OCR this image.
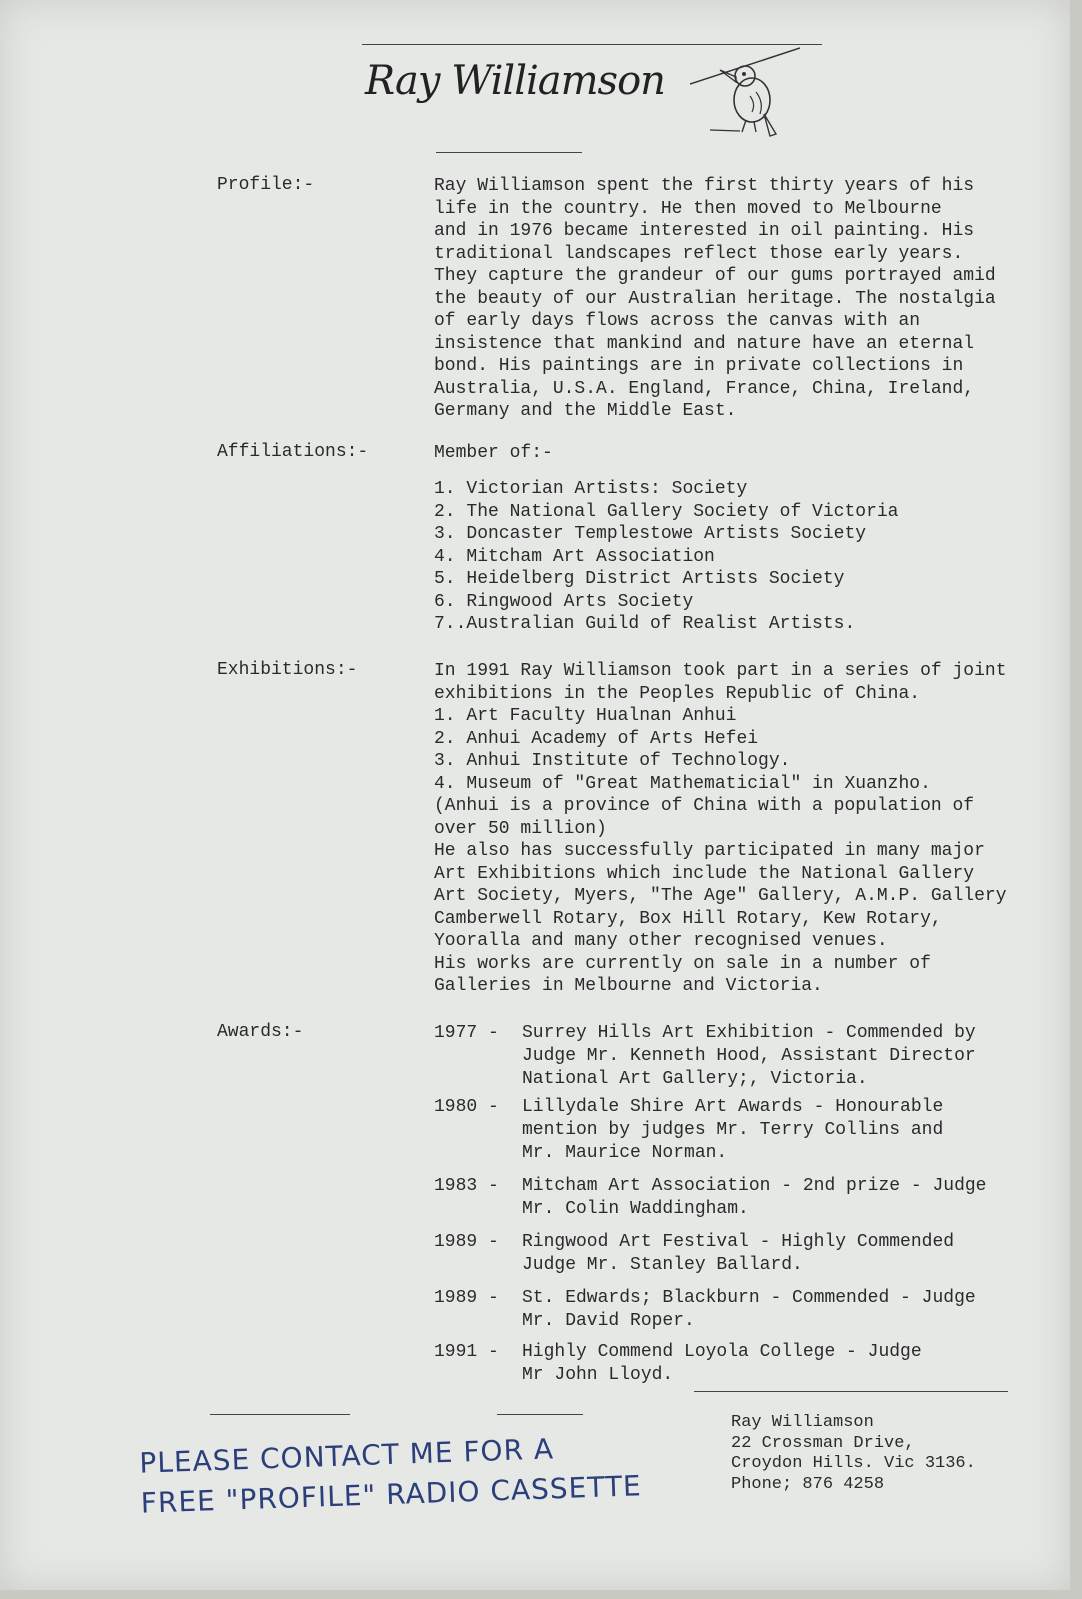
Ray Williamson
Profile:-	Ray Williamson spent the first thirty years of his
life in the country. He then moved to Melbourne
and in 1976 became interested in oil painting. His
traditional landscapes reflect those early years.
They capture the grandeur of our gums portrayed amid
the beauty of our Australian heritage. The nostalgia
of early days flows across the canvas with an
insistence that mankind and nature have an eternal
bond. His paintings are in private collections in
Australia, U.S.A. England, France, China, Ireland,
Germany and the Middle East.
Affiliations:-	Member of:-
1. Victorian Artists: Society
2. The National Gallery Society of Victoria
3. Doncaster Templestowe Artists Society
4. Mitcham Art Association
5. Heidelberg District Artists Society
6. Ringwood Arts Society
7..Australian Guild of Realist Artists.
Exhibitions:-	In 1991 Ray Williamson took part in a series of joint
exhibitions in the Peoples Republic of China.
1. Art Faculty Hualnan Anhui
2. Anhui Academy of Arts Hefei
3. Anhui Institute of Technology.
4. Museum of "Great Mathematicial" in Xuanzho.
(Anhui is a province of China with a population of
over 50 million)
He also has successfully participated in many major
Art Exhibitions which include the National Gallery
Art Society, Myers, "The Age" Gallery, A.M.P. Gallery
Camberwell Rotary, Box Hill Rotary, Kew Rotary,
Yooralla and many other recognised venues.
His works are currently on sale in a number of
Galleries in Melbourne and Victoria.
Awards:-	1977 - Surrey Hills Art Exhibition - Commended by
Judge Mr. Kenneth Hood, Assistant Director
National Art Gallery;, Victoria.
1980 - Lillydale Shire Art Awards - Honourable
mention by judges Mr. Terry Collins and
Mr. Maurice Norman.
1983 - Mitcham Art Association - 2nd prize - Judge
Mr. Colin Waddingham.
1989 - Ringwood Art Festival - Highly Commended
Judge Mr. Stanley Ballard.
1989 - St. Edwards; Blackburn - Commended - Judge
Mr. David Roper.
1991 - Highly Commend Loyola College - Judge
Mr John Lloyd.
Ray Williamson
22 Crossman Drive,
Croydon Hills. Vic 3136.
Phone; 876 4258
PLEASE CONTACT ME FOR A
FREE "PROFILE" RADIO CASSETTE
